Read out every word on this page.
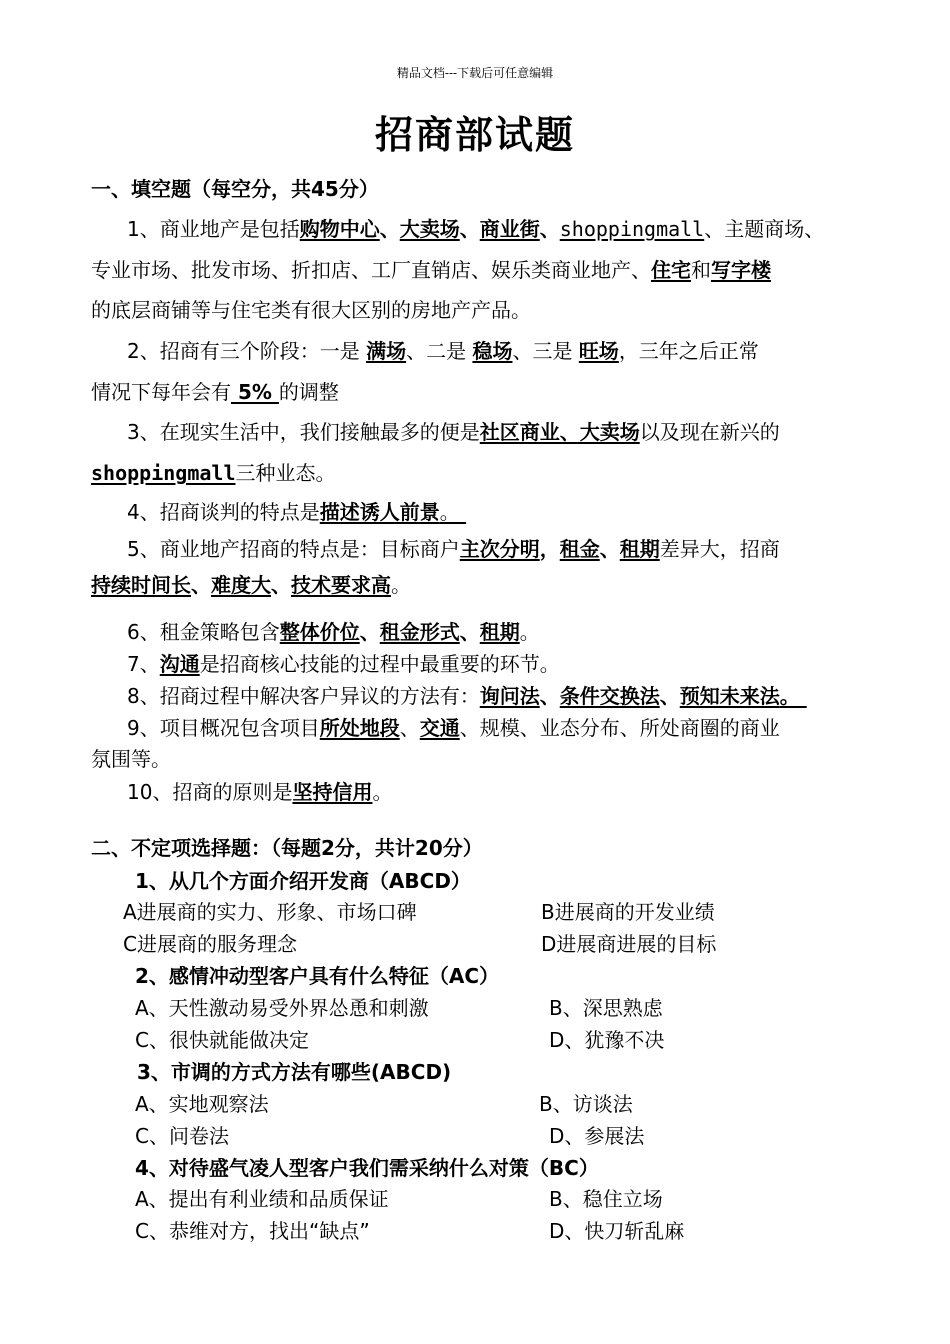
精品文档---下载后可任意编辑
招商部试题
一、填空题（每空分，共45分）
1、商业地产是包括购物中心、大卖场、商业街、shoppingmall、主题商场、
专业市场、批发市场、折扣店、工厂直销店、娱乐类商业地产、住宅和写字楼
的底层商铺等与住宅类有很大区别的房地产产品。
2、招商有三个阶段：一是 满场、二是 稳场、三是 旺场，三年之后正常
情况下每年会有 5% 的调整
3、在现实生活中，我们接触最多的便是社区商业、大卖场以及现在新兴的
shoppingmall三种业态。
4、招商谈判的特点是描述诱人前景。
5、商业地产招商的特点是：目标商户主次分明，租金、租期差异大，招商
持续时间长、难度大、技术要求高。
6、租金策略包含整体价位、租金形式、租期。
7、沟通是招商核心技能的过程中最重要的环节。
8、招商过程中解决客户异议的方法有：询问法、条件交换法、预知未来法。
9、项目概况包含项目所处地段、交通、规模、业态分布、所处商圈的商业
氛围等。
10、招商的原则是坚持信用。
二、不定项选择题：（每题2分，共计20分）
1、从几个方面介绍开发商（ABCD）
A进展商的实力、形象、市场口碑	B进展商的开发业绩
C进展商的服务理念	D进展商进展的目标
2、感情冲动型客户具有什么特征（AC）
A、天性激动易受外界怂恿和刺激	B、深思熟虑
C、很快就能做决定	D、犹豫不决
3、市调的方式方法有哪些(ABCD)
A、实地观察法	B、访谈法
C、问卷法	D、参展法
4、对待盛气凌人型客户我们需采纳什么对策（BC）
A、提出有利业绩和品质保证	B、稳住立场
C、恭维对方，找出“缺点”	D、快刀斩乱麻
